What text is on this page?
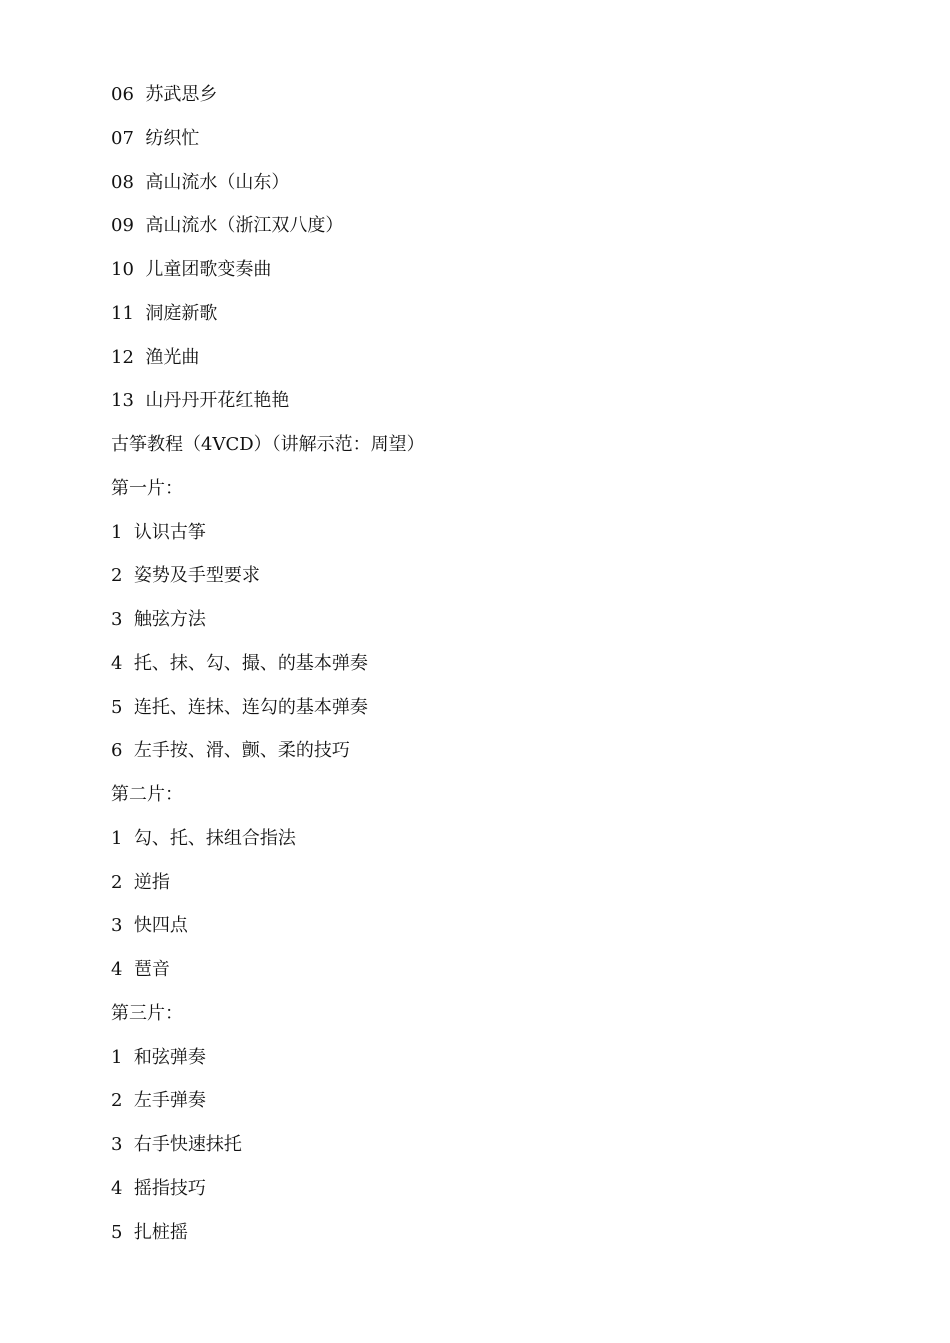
06  苏武思乡
07  纺织忙
08  高山流水（山东）
09  高山流水（浙江双八度）
10  儿童团歌变奏曲
11  洞庭新歌
12  渔光曲
13  山丹丹开花红艳艳
古筝教程（4VCD）（讲解示范：周望）
第一片：
1  认识古筝
2  姿势及手型要求
3  触弦方法
4  托、抹、勾、撮、的基本弹奏
5  连托、连抹、连勾的基本弹奏
6  左手按、滑、颤、柔的技巧
第二片：
1  勾、托、抹组合指法
2  逆指
3  快四点
4  琶音
第三片：
1  和弦弹奏
2  左手弹奏
3  右手快速抹托
4  摇指技巧
5  扎桩摇
